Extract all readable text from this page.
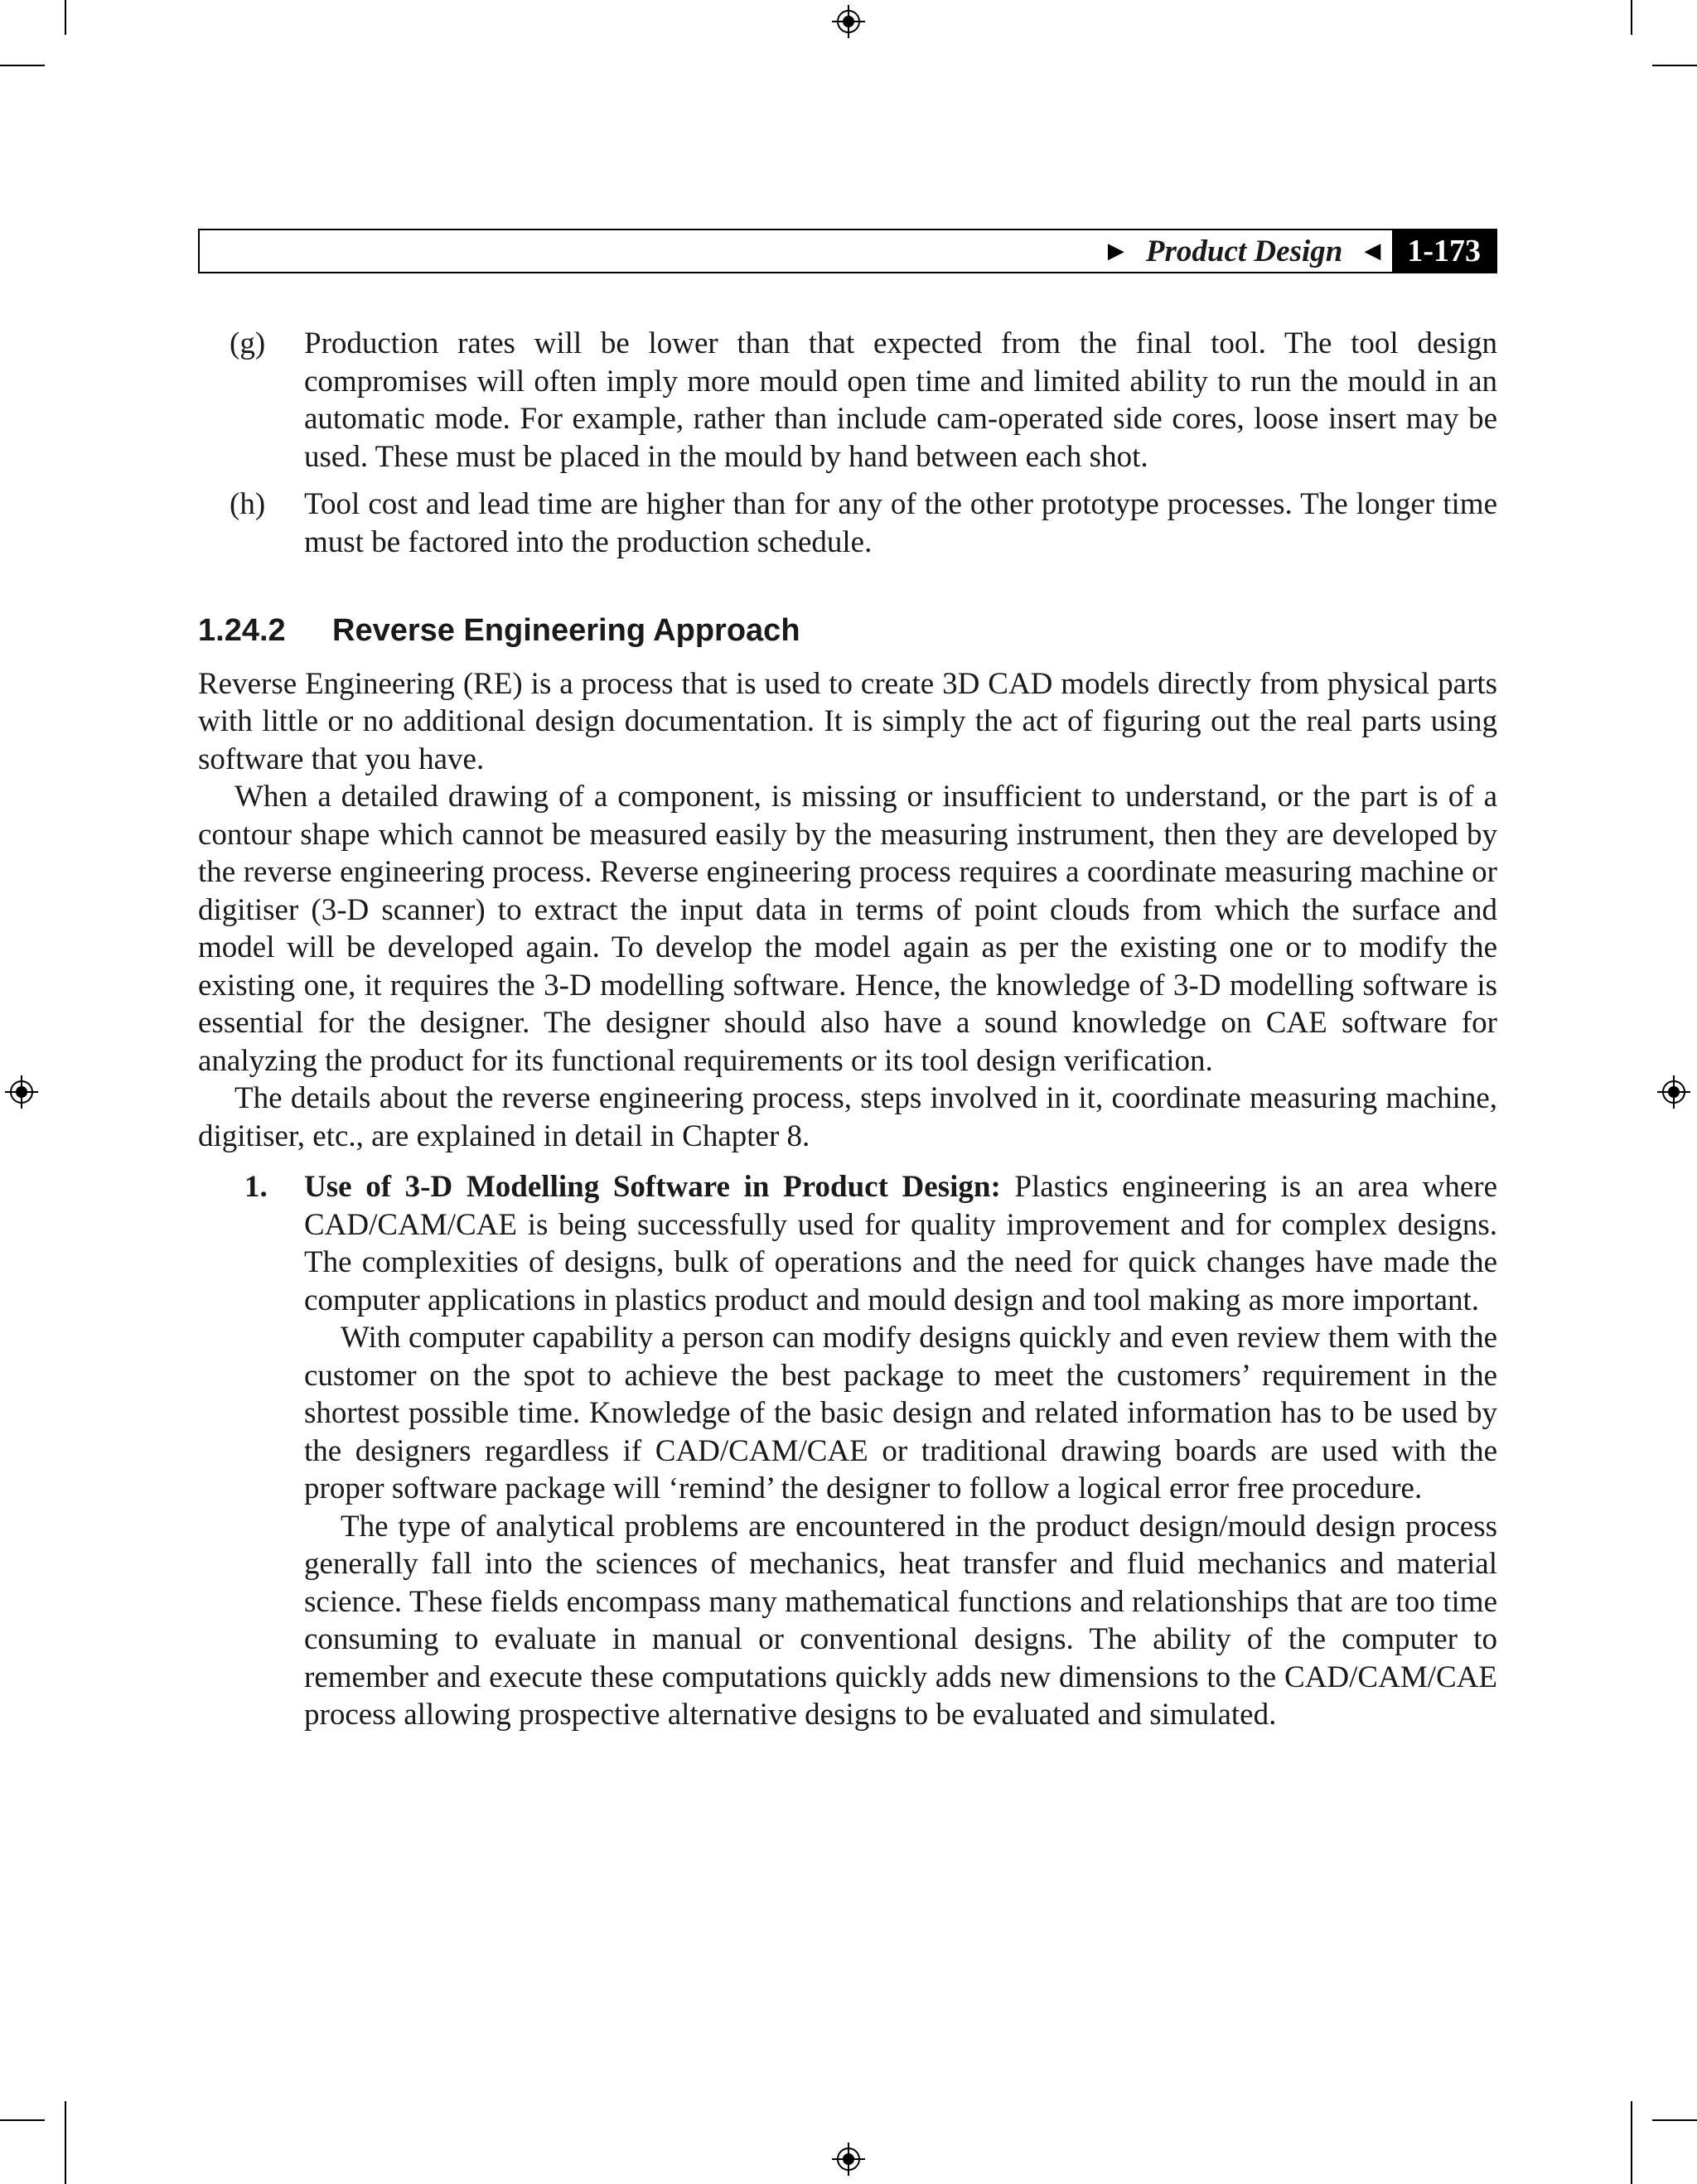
▶ Product Design ◀ 1-173
(g) Production rates will be lower than that expected from the final tool. The tool design compromises will often imply more mould open time and limited ability to run the mould in an automatic mode. For example, rather than include cam-operated side cores, loose insert may be used. These must be placed in the mould by hand between each shot.

(h) Tool cost and lead time are higher than for any of the other prototype processes. The longer time must be factored into the production schedule.

1.24.2 Reverse Engineering Approach

Reverse Engineering (RE) is a process that is used to create 3D CAD models directly from physical parts with little or no additional design documentation. It is simply the act of figuring out the real parts using software that you have.

When a detailed drawing of a component, is missing or insufficient to understand, or the part is of a contour shape which cannot be measured easily by the measuring instrument, then they are developed by the reverse engineering process. Reverse engineering process requires a coordinate measuring machine or digitiser (3-D scanner) to extract the input data in terms of point clouds from which the surface and model will be developed again. To develop the model again as per the existing one or to modify the existing one, it requires the 3-D modelling software. Hence, the knowledge of 3-D modelling software is essential for the designer. The designer should also have a sound knowledge on CAE software for analyzing the product for its functional requirements or its tool design verification.

The details about the reverse engineering process, steps involved in it, coordinate measuring machine, digitiser, etc., are explained in detail in Chapter 8.

1. Use of 3-D Modelling Software in Product Design: Plastics engineering is an area where CAD/CAM/CAE is being successfully used for quality improvement and for complex designs. The complexities of designs, bulk of operations and the need for quick changes have made the computer applications in plastics product and mould design and tool making as more important.

With computer capability a person can modify designs quickly and even review them with the customer on the spot to achieve the best package to meet the customers’ requirement in the shortest possible time. Knowledge of the basic design and related information has to be used by the designers regardless if CAD/CAM/CAE or traditional drawing boards are used with the proper software package will ‘remind’ the designer to follow a logical error free procedure.

The type of analytical problems are encountered in the product design/mould design process generally fall into the sciences of mechanics, heat transfer and fluid mechanics and material science. These fields encompass many mathematical functions and relationships that are too time consuming to evaluate in manual or conventional designs. The ability of the computer to remember and execute these computations quickly adds new dimensions to the CAD/CAM/CAE process allowing prospective alternative designs to be evaluated and simulated.
